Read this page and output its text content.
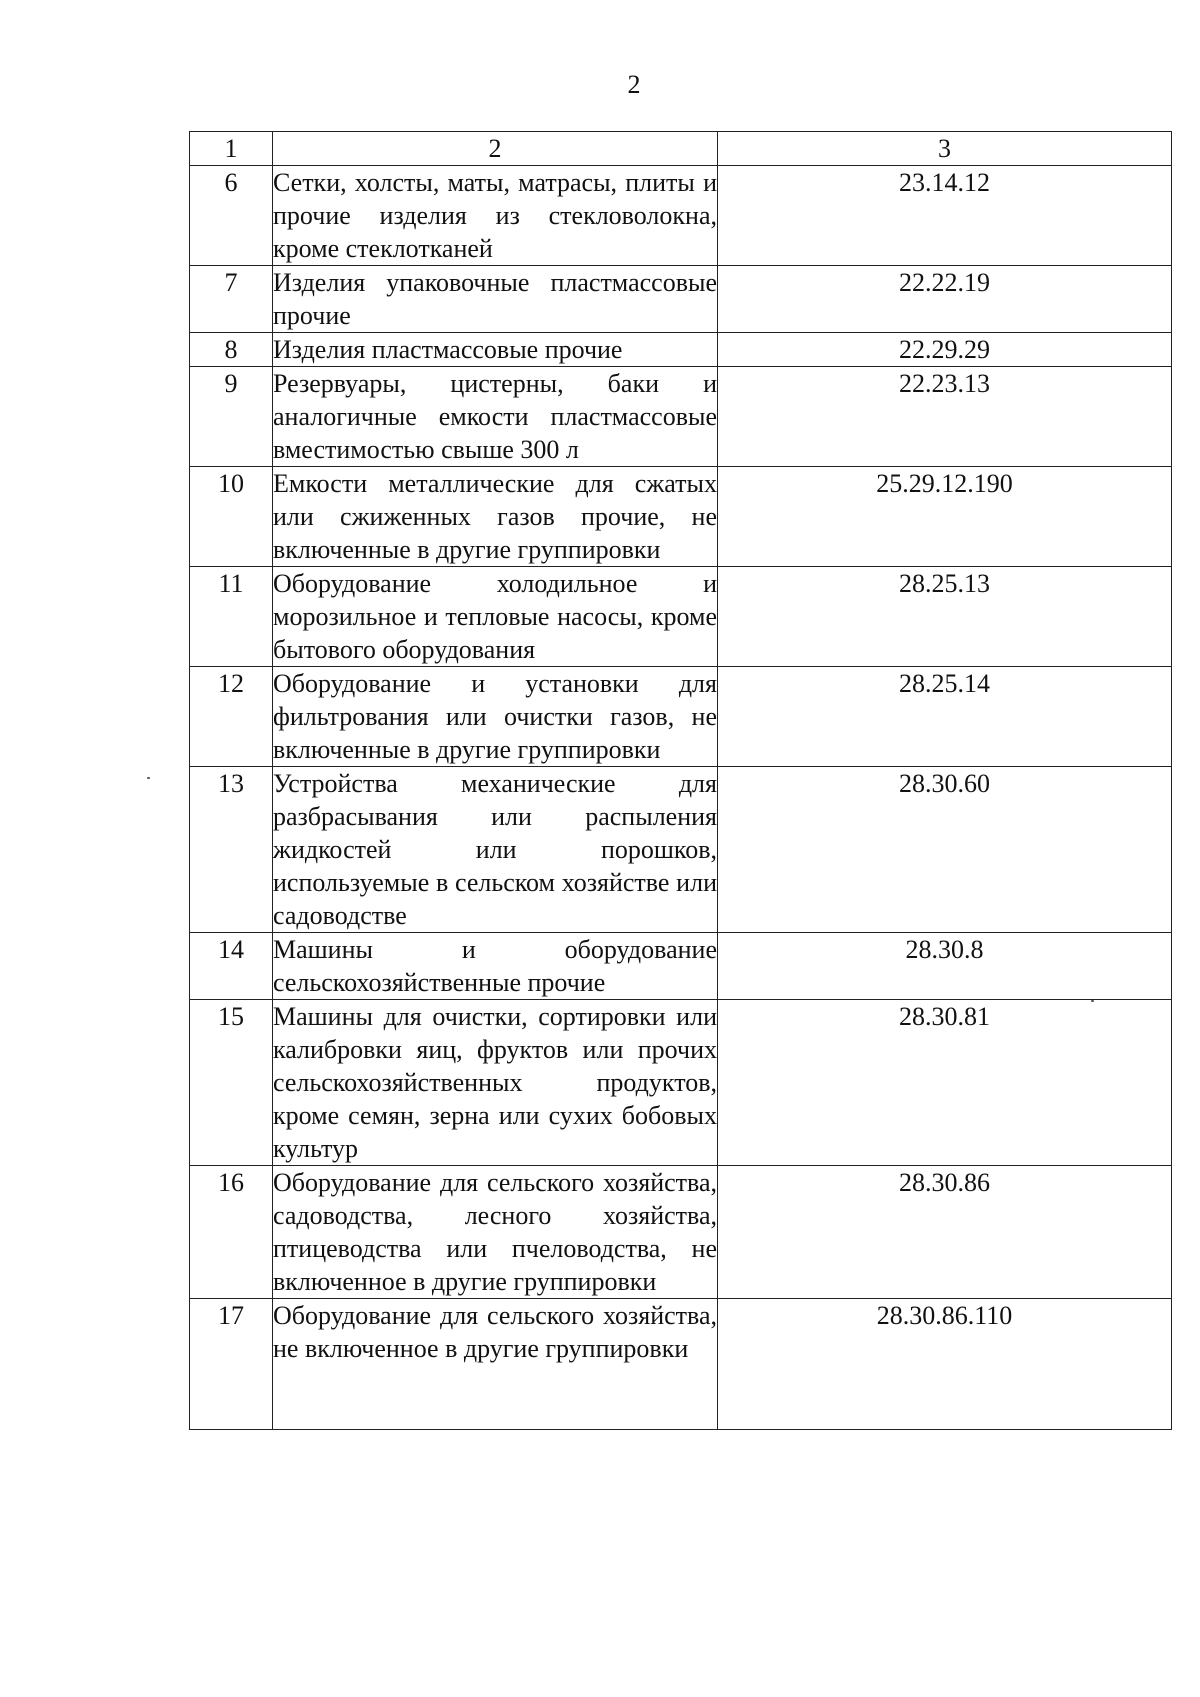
2
1	2	3
6	Сетки, холсты, маты, матрасы, плиты и прочие изделия из стекловолокна, кроме стеклотканей	23.14.12
7	Изделия упаковочные пластмассовые прочие	22.22.19
8	Изделия пластмассовые прочие	22.29.29
9	Резервуары, цистерны, баки и аналогичные емкости пластмассовые вместимостью свыше 300 л	22.23.13
10	Емкости металлические для сжатых или сжиженных газов прочие, не включенные в другие группировки	25.29.12.190
11	Оборудование холодильное и морозильное и тепловые насосы, кроме бытового оборудования	28.25.13
12	Оборудование и установки для фильтрования или очистки газов, не включенные в другие группировки	28.25.14
13	Устройства механические для разбрасывания или распыления жидкостей или порошков, используемые в сельском хозяйстве или садоводстве	28.30.60
14	Машины и оборудование сельскохозяйственные прочие	28.30.8
15	Машины для очистки, сортировки или калибровки яиц, фруктов или прочих сельскохозяйственных продуктов, кроме семян, зерна или сухих бобовых культур	28.30.81
16	Оборудование для сельского хозяйства, садоводства, лесного хозяйства, птицеводства или пчеловодства, не включенное в другие группировки	28.30.86
17	Оборудование для сельского хозяйства, не включенное в другие группировки	28.30.86.110
